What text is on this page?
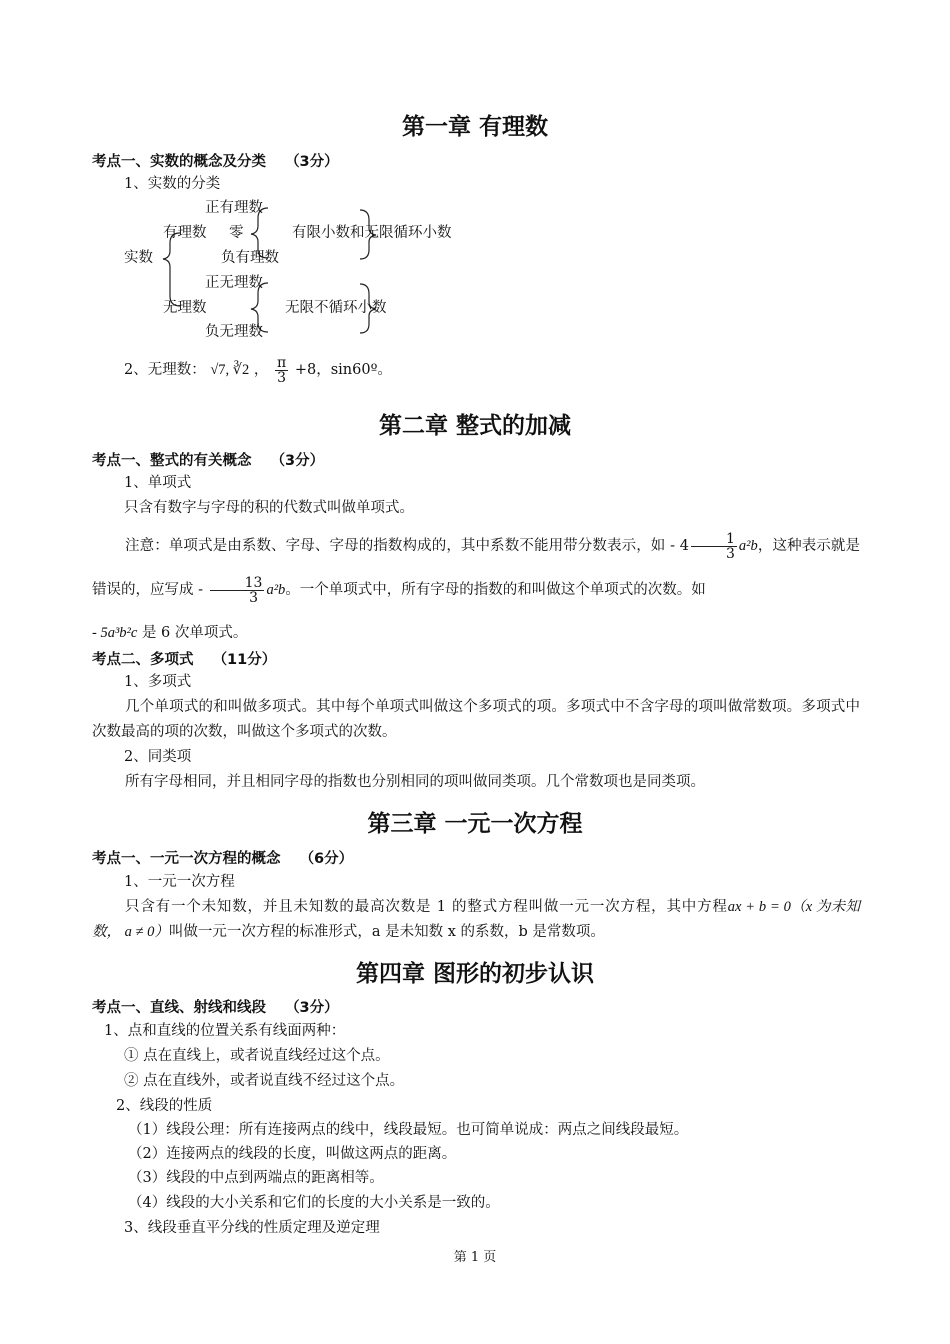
第一章 有理数
考点一、实数的概念及分类 （3分）
1、实数的分类
正有理数
有理数 零	有限小数和无限循环小数
实数	负有理数
正无理数
无理数	无限不循环小数
负无理数
2、无理数： √7, ∛2 ， $\frac{\pi}{3} +8$，sin60º。
第二章 整式的加减
考点一、整式的有关概念 （3分）
1、单项式
只含有数字与字母的积的代数式叫做单项式。
注意：单项式是由系数、字母、字母的指数构成的，其中系数不能用带分数表示，如 - $4 \frac{1}{3} a^2b$，这种表示就是错误的，应写成 - $\frac{13}{3} a^2b$。一个单项式中，所有字母的指数的和叫做这个单项式的次数。如
- 5a³b²c 是 6 次单项式。
考点二、多项式 （11分）
1、多项式
几个单项式的和叫做多项式。其中每个单项式叫做这个多项式的项。多项式中不含字母的项叫做常数项。多项式中次数最高的项的次数，叫做这个多项式的次数。
2、同类项
所有字母相同，并且相同字母的指数也分别相同的项叫做同类项。几个常数项也是同类项。
第三章 一元一次方程
考点一、一元一次方程的概念 （6分）
1、一元一次方程
只含有一个未知数，并且未知数的最高次数是 1 的整式方程叫做一元一次方程，其中方程ax + b = 0（x 为未知数， a ≠ 0）叫做一元一次方程的标准形式，a 是未知数 x 的系数，b 是常数项。
第四章 图形的初步认识
考点一、直线、射线和线段 （3分）
1、点和直线的位置关系有线面两种：
① 点在直线上，或者说直线经过这个点。
② 点在直线外，或者说直线不经过这个点。
2、线段的性质
（1）线段公理：所有连接两点的线中，线段最短。也可简单说成：两点之间线段最短。
（2）连接两点的线段的长度，叫做这两点的距离。
（3）线段的中点到两端点的距离相等。
（4）线段的大小关系和它们的长度的大小关系是一致的。
3、线段垂直平分线的性质定理及逆定理
第 1 页
